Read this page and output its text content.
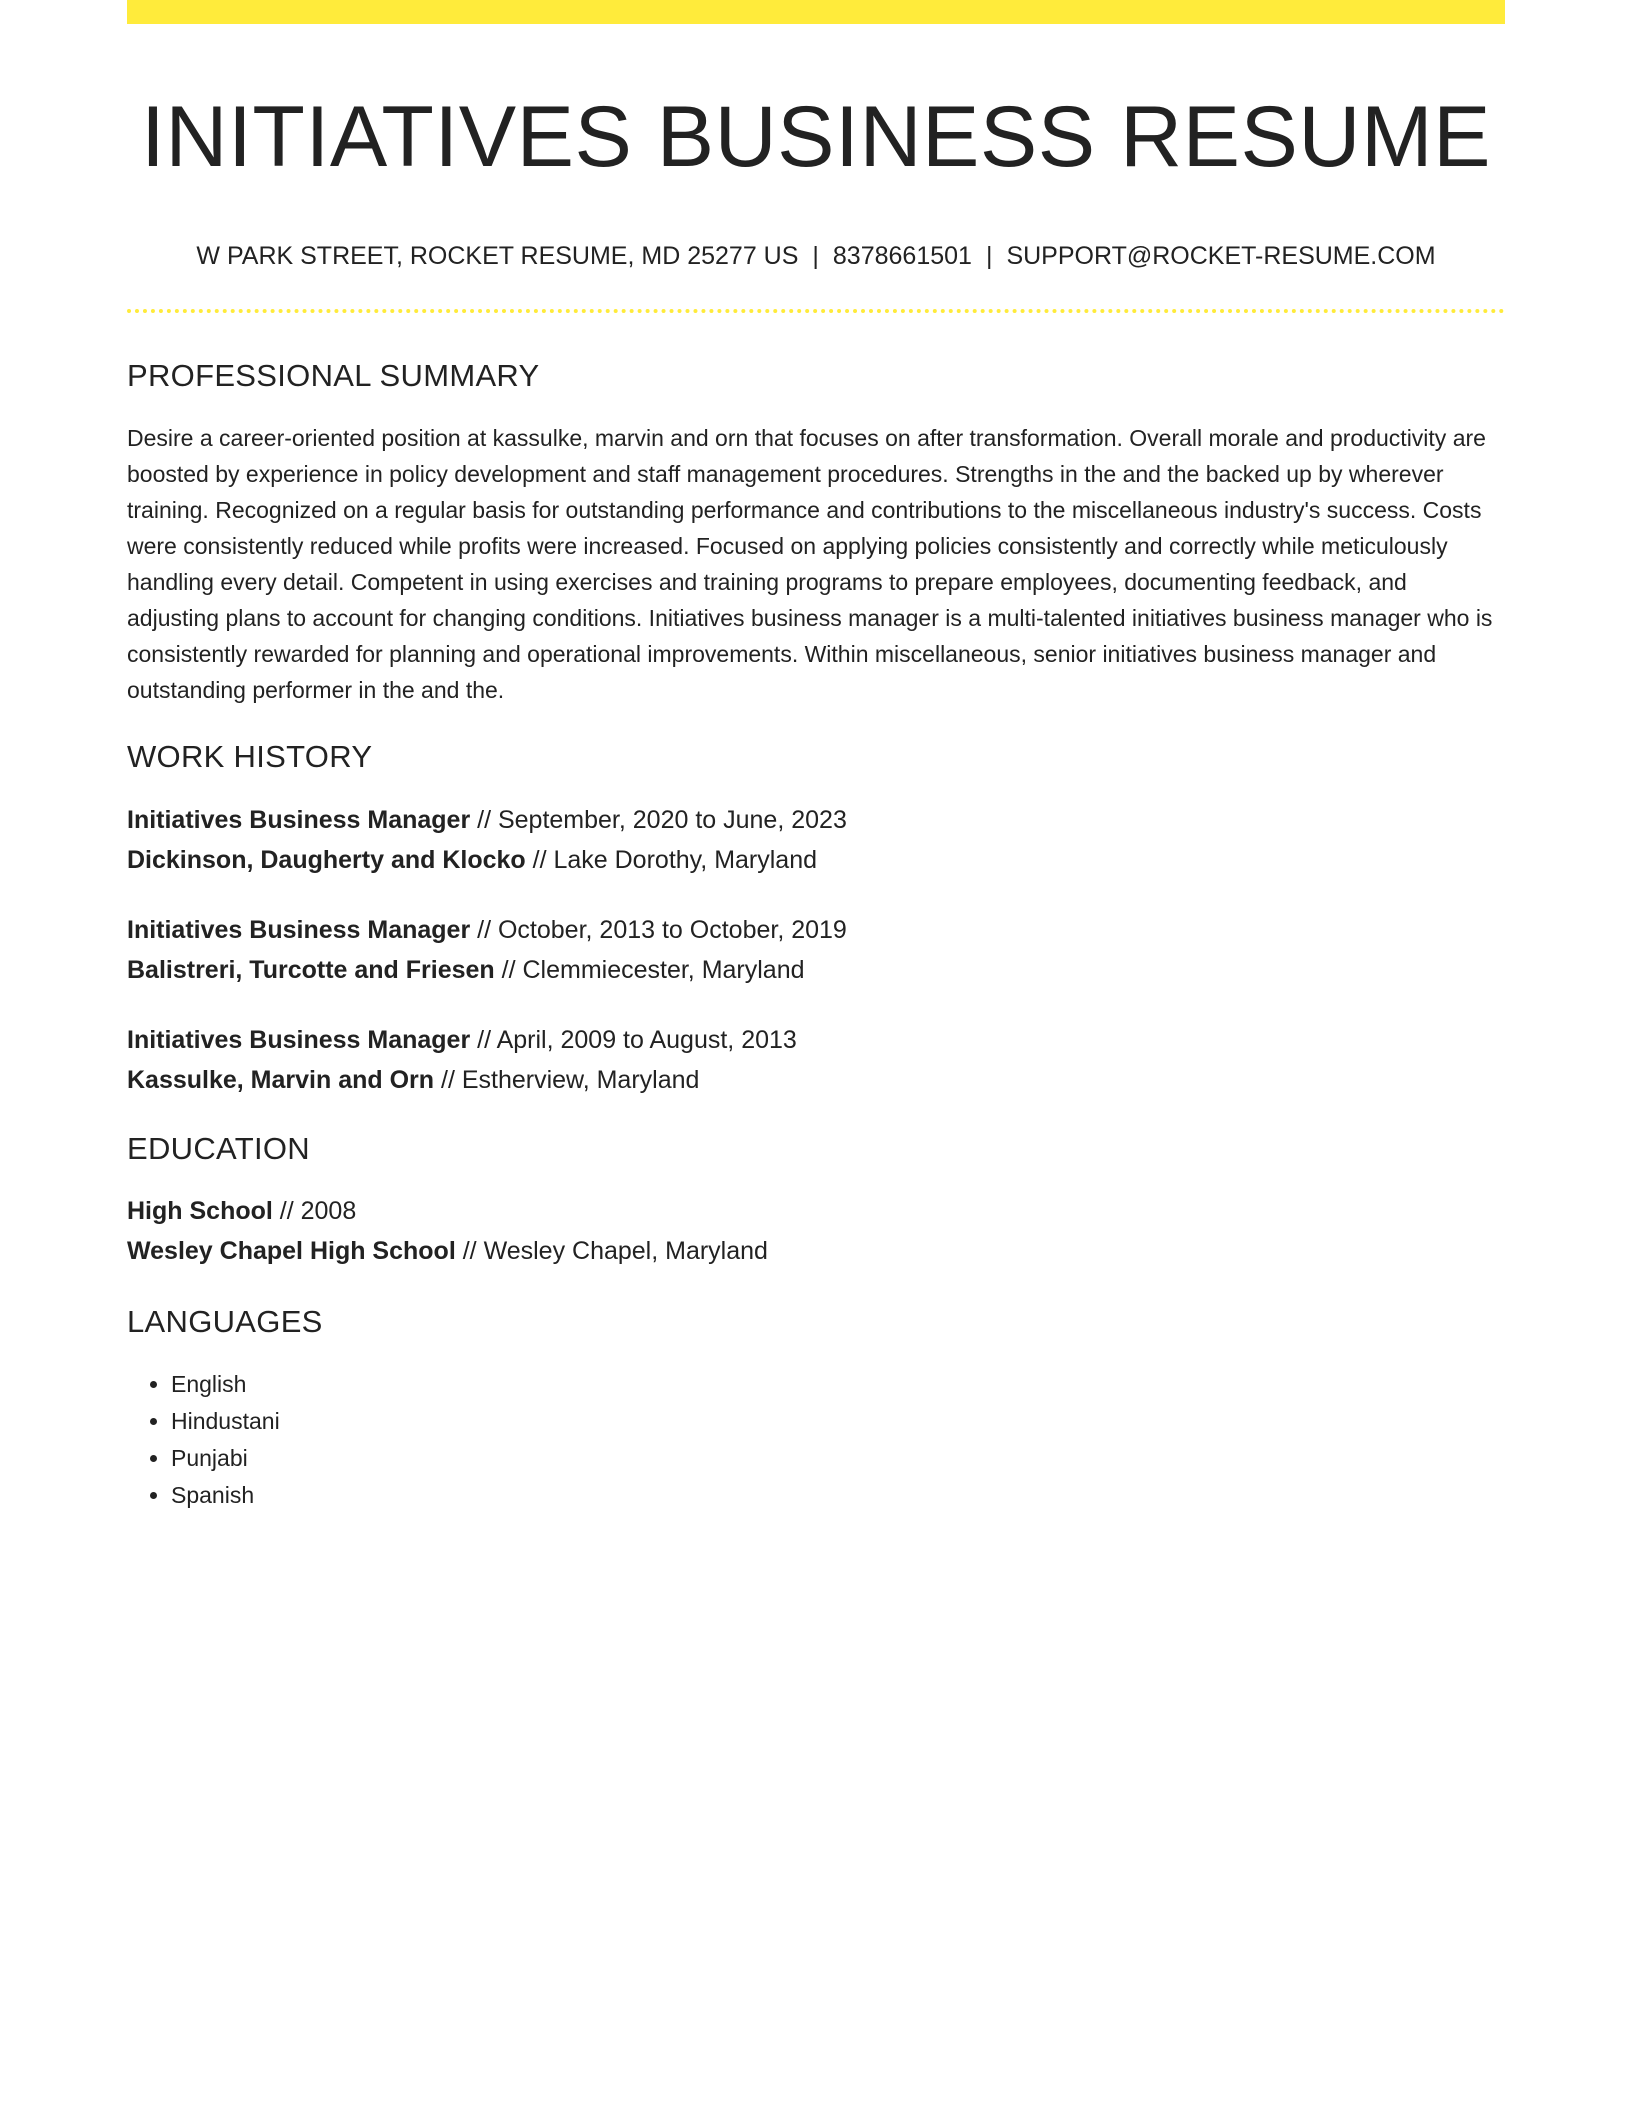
INITIATIVES BUSINESS RESUME
W PARK STREET, ROCKET RESUME, MD 25277 US | 8378661501 | SUPPORT@ROCKET-RESUME.COM
PROFESSIONAL SUMMARY
Desire a career-oriented position at kassulke, marvin and orn that focuses on after transformation. Overall morale and productivity are boosted by experience in policy development and staff management procedures. Strengths in the and the backed up by wherever training. Recognized on a regular basis for outstanding performance and contributions to the miscellaneous industry's success. Costs were consistently reduced while profits were increased. Focused on applying policies consistently and correctly while meticulously handling every detail. Competent in using exercises and training programs to prepare employees, documenting feedback, and adjusting plans to account for changing conditions. Initiatives business manager is a multi-talented initiatives business manager who is consistently rewarded for planning and operational improvements. Within miscellaneous, senior initiatives business manager and outstanding performer in the and the.
WORK HISTORY
Initiatives Business Manager // September, 2020 to June, 2023
Dickinson, Daugherty and Klocko // Lake Dorothy, Maryland
Initiatives Business Manager // October, 2013 to October, 2019
Balistreri, Turcotte and Friesen // Clemmiecester, Maryland
Initiatives Business Manager // April, 2009 to August, 2013
Kassulke, Marvin and Orn // Estherview, Maryland
EDUCATION
High School // 2008
Wesley Chapel High School // Wesley Chapel, Maryland
LANGUAGES
• English
• Hindustani
• Punjabi
• Spanish
